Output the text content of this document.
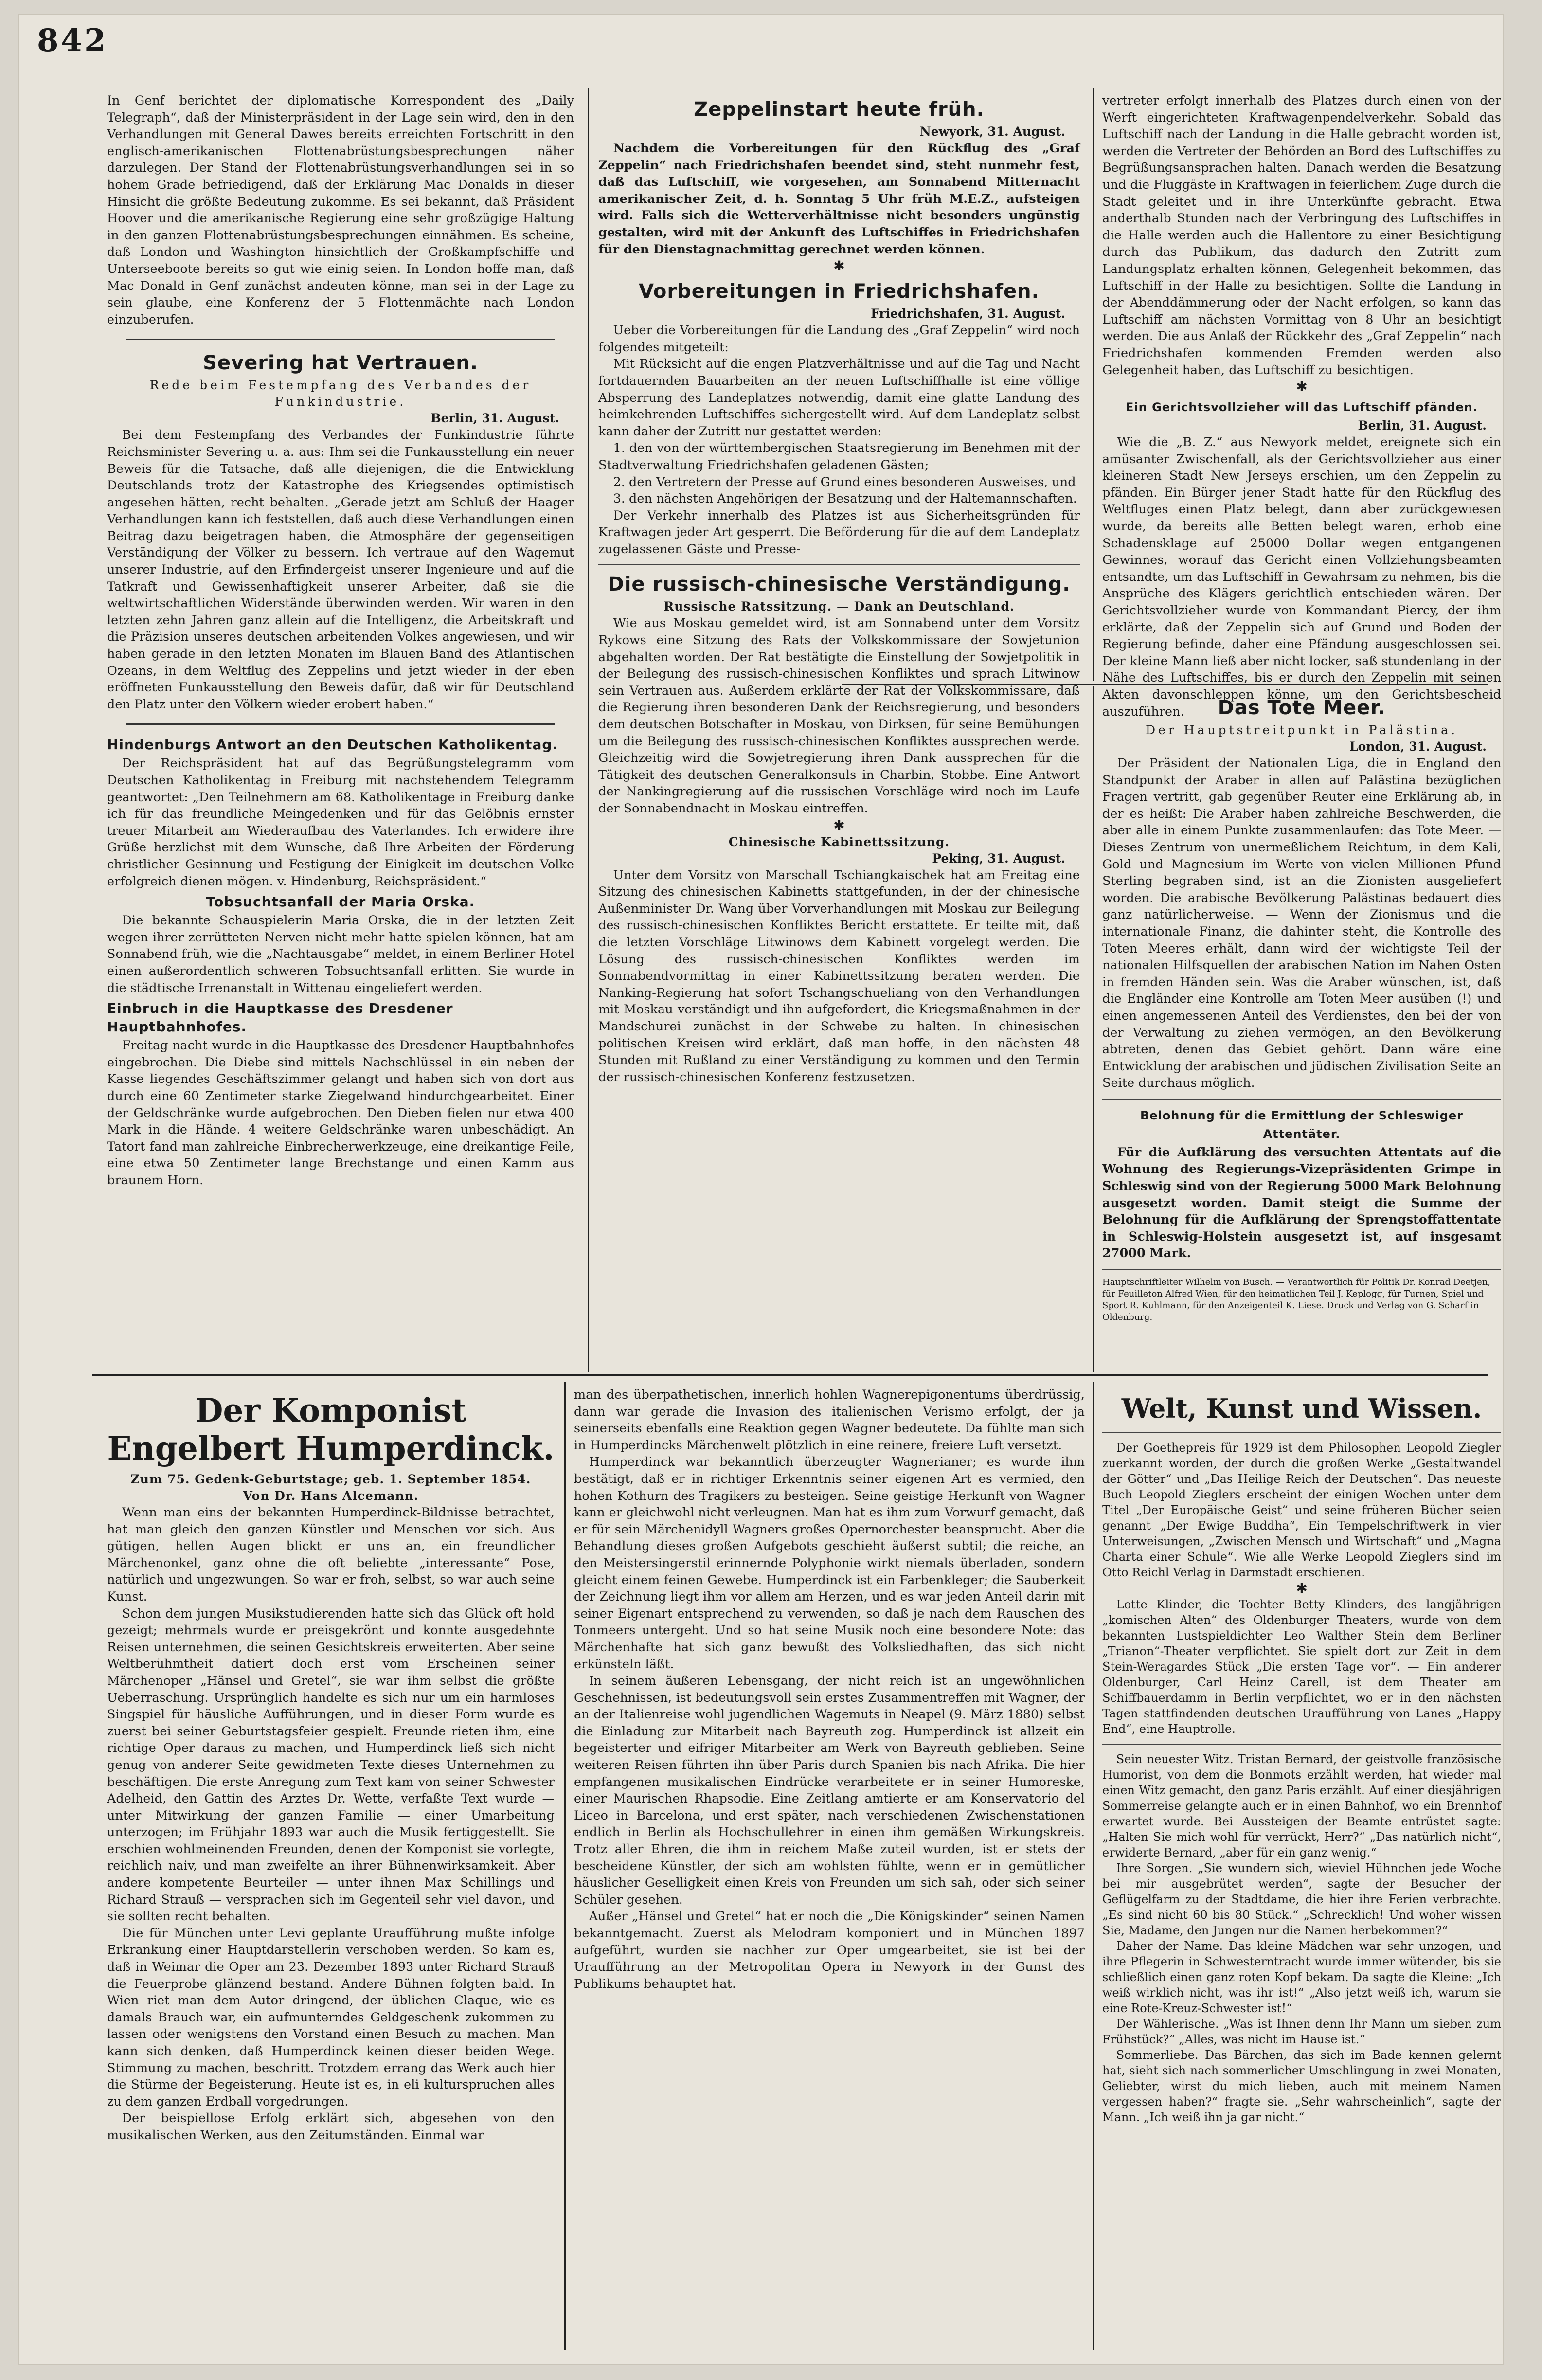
842

In Genf berichtet der diplomatische Korrespondent des „Daily Telegraph“, daß der Ministerpräsident in der Lage sein wird, den in den Verhandlungen mit General Dawes bereits erreichten Fortschritt in den englisch-amerikanischen Flottenabrüstungsbesprechungen näher darzulegen. Der Stand der Flottenabrüstungsverhandlungen sei in so hohem Grade befriedigend, daß der Erklärung Mac Donalds in dieser Hinsicht die größte Bedeutung zukomme. Es sei bekannt, daß Präsident Hoover und die amerikanische Regierung eine sehr großzügige Haltung in den ganzen Flottenabrüstungsbesprechungen einnähmen. Es scheine, daß London und Washington hinsichtlich der Großkampfschiffe und Unterseeboote bereits so gut wie einig seien. In London hoffe man, daß Mac Donald in Genf zunächst andeuten könne, man sei in der Lage zu sein glaube, eine Konferenz der 5 Flottenmächte nach London einzuberufen.

Severing hat Vertrauen.
Rede beim Festempfang des Verbandes der Funkindustrie.
Berlin, 31. August.

Bei dem Festempfang des Verbandes der Funkindustrie führte Reichsminister Severing u. a. aus: Ihm sei die Funkausstellung ein neuer Beweis für die Tatsache, daß alle diejenigen, die die Entwicklung Deutschlands trotz der Katastrophe des Kriegsendes optimistisch angesehen hätten, recht behalten. „Gerade jetzt am Schluß der Haager Verhandlungen kann ich feststellen, daß auch diese Verhandlungen einen Beitrag dazu beigetragen haben, die Atmosphäre der gegenseitigen Verständigung der Völker zu bessern. Ich vertraue auf den Wagemut unserer Industrie, auf den Erfindergeist unserer Ingenieure und auf die Tatkraft und Gewissenhaftigkeit unserer Arbeiter, daß sie die weltwirtschaftlichen Widerstände überwinden werden. Wir waren in den letzten zehn Jahren ganz allein auf die Intelligenz, die Arbeitskraft und die Präzision unseres deutschen arbeitenden Volkes angewiesen, und wir haben gerade in den letzten Monaten im Blauen Band des Atlantischen Ozeans, in dem Weltflug des Zeppelins und jetzt wieder in der eben eröffneten Funkausstellung den Beweis dafür, daß wir für Deutschland den Platz unter den Völkern wieder erobert haben.“

Hindenburgs Antwort an den Deutschen Katholikentag.

Der Reichspräsident hat auf das Begrüßungstelegramm vom Deutschen Katholikentag in Freiburg mit nachstehendem Telegramm geantwortet: „Den Teilnehmern am 68. Katholikentage in Freiburg danke ich für das freundliche Meingedenken und für das Gelöbnis ernster treuer Mitarbeit am Wiederaufbau des Vaterlandes. Ich erwidere ihre Grüße herzlichst mit dem Wunsche, daß Ihre Arbeiten der Förderung christlicher Gesinnung und Festigung der Einigkeit im deutschen Volke erfolgreich dienen mögen. v. Hindenburg, Reichspräsident.“

Tobsuchtsanfall der Maria Orska.

Die bekannte Schauspielerin Maria Orska, die in der letzten Zeit wegen ihrer zerrütteten Nerven nicht mehr hatte spielen können, hat am Sonnabend früh, wie die „Nachtausgabe“ meldet, in einem Berliner Hotel einen außerordentlich schweren Tobsuchtsanfall erlitten. Sie wurde in die städtische Irrenanstalt in Wittenau eingeliefert werden.

Einbruch in die Hauptkasse des Dresdener Hauptbahnhofes.

Freitag nacht wurde in die Hauptkasse des Dresdener Hauptbahnhofes eingebrochen. Die Diebe sind mittels Nachschlüssel in ein neben der Kasse liegendes Geschäftszimmer gelangt und haben sich von dort aus durch eine 60 Zentimeter starke Ziegelwand hindurchgearbeitet. Einer der Geldschränke wurde aufgebrochen. Den Dieben fielen nur etwa 400 Mark in die Hände. 4 weitere Geldschränke waren unbeschädigt. An Tatort fand man zahlreiche Einbrecherwerkzeuge, eine dreikantige Feile, eine etwa 50 Zentimeter lange Brechstange und einen Kamm aus braunem Horn.

Zeppelinstart heute früh.
Newyork, 31. August.

Nachdem die Vorbereitungen für den Rückflug des „Graf Zeppelin“ nach Friedrichshafen beendet sind, steht nunmehr fest, daß das Luftschiff, wie vorgesehen, am Sonnabend Mitternacht amerikanischer Zeit, d. h. Sonntag 5 Uhr früh M.E.Z., aufsteigen wird. Falls sich die Wetterverhältnisse nicht besonders ungünstig gestalten, wird mit der Ankunft des Luftschiffes in Friedrichshafen für den Dienstagnachmittag gerechnet werden können.

✱
Vorbereitungen in Friedrichshafen.
Friedrichshafen, 31. August.

Ueber die Vorbereitungen für die Landung des „Graf Zeppelin“ wird noch folgendes mitgeteilt:

Mit Rücksicht auf die engen Platzverhältnisse und auf die Tag und Nacht fortdauernden Bauarbeiten an der neuen Luftschiffhalle ist eine völlige Absperrung des Landeplatzes notwendig, damit eine glatte Landung des heimkehrenden Luftschiffes sichergestellt wird. Auf dem Landeplatz selbst kann daher der Zutritt nur gestattet werden:

1. den von der württembergischen Staatsregierung im Benehmen mit der Stadtverwaltung Friedrichshafen geladenen Gästen;

2. den Vertretern der Presse auf Grund eines besonderen Ausweises, und

3. den nächsten Angehörigen der Besatzung und der Haltemannschaften.

Der Verkehr innerhalb des Platzes ist aus Sicherheitsgründen für Kraftwagen jeder Art gesperrt. Die Beförderung für die auf dem Landeplatz zugelassenen Gäste und Presse-

Die russisch-chinesische Verständigung.
Russische Ratssitzung. — Dank an Deutschland.

Wie aus Moskau gemeldet wird, ist am Sonnabend unter dem Vorsitz Rykows eine Sitzung des Rats der Volkskommissare der Sowjetunion abgehalten worden. Der Rat bestätigte die Einstellung der Sowjetpolitik in der Beilegung des russisch-chinesischen Konfliktes und sprach Litwinow sein Vertrauen aus. Außerdem erklärte der Rat der Volkskommissare, daß die Regierung ihren besonderen Dank der Reichsregierung, und besonders dem deutschen Botschafter in Moskau, von Dirksen, für seine Bemühungen um die Beilegung des russisch-chinesischen Konfliktes aussprechen werde. Gleichzeitig wird die Sowjetregierung ihren Dank aussprechen für die Tätigkeit des deutschen Generalkonsuls in Charbin, Stobbe. Eine Antwort der Nankingregierung auf die russischen Vorschläge wird noch im Laufe der Sonnabendnacht in Moskau eintreffen.

✱
Chinesische Kabinettssitzung.
Peking, 31. August.

Unter dem Vorsitz von Marschall Tschiangkaischek hat am Freitag eine Sitzung des chinesischen Kabinetts stattgefunden, in der der chinesische Außenminister Dr. Wang über Vorverhandlungen mit Moskau zur Beilegung des russisch-chinesischen Konfliktes Bericht erstattete. Er teilte mit, daß die letzten Vorschläge Litwinows dem Kabinett vorgelegt werden. Die Lösung des russisch-chinesischen Konfliktes werden im Sonnabendvormittag in einer Kabinettssitzung beraten werden. Die Nanking-Regierung hat sofort Tschangschueliang von den Verhandlungen mit Moskau verständigt und ihn aufgefordert, die Kriegsmaßnahmen in der Mandschurei zunächst in der Schwebe zu halten. In chinesischen politischen Kreisen wird erklärt, daß man hoffe, in den nächsten 48 Stunden mit Rußland zu einer Verständigung zu kommen und den Termin der russisch-chinesischen Konferenz festzusetzen.

vertreter erfolgt innerhalb des Platzes durch einen von der Werft eingerichteten Kraftwagenpendelverkehr. Sobald das Luftschiff nach der Landung in die Halle gebracht worden ist, werden die Vertreter der Behörden an Bord des Luftschiffes zu Begrüßungsansprachen halten. Danach werden die Besatzung und die Fluggäste in Kraftwagen in feierlichem Zuge durch die Stadt geleitet und in ihre Unterkünfte gebracht. Etwa anderthalb Stunden nach der Verbringung des Luftschiffes in die Halle werden auch die Hallentore zu einer Besichtigung durch das Publikum, das dadurch den Zutritt zum Landungsplatz erhalten können, Gelegenheit bekommen, das Luftschiff in der Halle zu besichtigen. Sollte die Landung in der Abenddämmerung oder der Nacht erfolgen, so kann das Luftschiff am nächsten Vormittag von 8 Uhr an besichtigt werden. Die aus Anlaß der Rückkehr des „Graf Zeppelin“ nach Friedrichshafen kommenden Fremden werden also Gelegenheit haben, das Luftschiff zu besichtigen.

✱
Ein Gerichtsvollzieher will das Luftschiff pfänden.
Berlin, 31. August.

Wie die „B. Z.“ aus Newyork meldet, ereignete sich ein amüsanter Zwischenfall, als der Gerichtsvollzieher aus einer kleineren Stadt New Jerseys erschien, um den Zeppelin zu pfänden. Ein Bürger jener Stadt hatte für den Rückflug des Weltfluges einen Platz belegt, dann aber zurückgewiesen wurde, da bereits alle Betten belegt waren, erhob eine Schadensklage auf 25000 Dollar wegen entgangenen Gewinnes, worauf das Gericht einen Vollziehungsbeamten entsandte, um das Luftschiff in Gewahrsam zu nehmen, bis die Ansprüche des Klägers gerichtlich entschieden wären. Der Gerichtsvollzieher wurde von Kommandant Piercy, der ihm erklärte, daß der Zeppelin sich auf Grund und Boden der Regierung befinde, daher eine Pfändung ausgeschlossen sei. Der kleine Mann ließ aber nicht locker, saß stundenlang in der Nähe des Luftschiffes, bis er durch den Zeppelin mit seinen Akten davonschleppen könne, um den Gerichtsbescheid auszuführen.	Das Tote Meer.
Der Hauptstreitpunkt in Palästina.
London, 31. August.

Der Präsident der Nationalen Liga, die in England den Standpunkt der Araber in allen auf Palästina bezüglichen Fragen vertritt, gab gegenüber Reuter eine Erklärung ab, in der es heißt: Die Araber haben zahlreiche Beschwerden, die aber alle in einem Punkte zusammenlaufen: das Tote Meer. — Dieses Zentrum von unermeßlichem Reichtum, in dem Kali, Gold und Magnesium im Werte von vielen Millionen Pfund Sterling begraben sind, ist an die Zionisten ausgeliefert worden. Die arabische Bevölkerung Palästinas bedauert dies ganz natürlicherweise. — Wenn der Zionismus und die internationale Finanz, die dahinter steht, die Kontrolle des Toten Meeres erhält, dann wird der wichtigste Teil der nationalen Hilfsquellen der arabischen Nation im Nahen Osten in fremden Händen sein. Was die Araber wünschen, ist, daß die Engländer eine Kontrolle am Toten Meer ausüben (!) und einen angemessenen Anteil des Verdienstes, den bei der von der Verwaltung zu ziehen vermögen, an den Bevölkerung abtreten, denen das Gebiet gehört. Dann wäre eine Entwicklung der arabischen und jüdischen Zivilisation Seite an Seite durchaus möglich.

Belohnung für die Ermittlung der Schleswiger Attentäter.

Für die Aufklärung des versuchten Attentats auf die Wohnung des Regierungs-Vizepräsidenten Grimpe in Schleswig sind von der Regierung 5000 Mark Belohnung ausgesetzt worden. Damit steigt die Summe der Belohnung für die Aufklärung der Sprengstoffattentate in Schleswig-Holstein ausgesetzt ist, auf insgesamt 27000 Mark.

Hauptschriftleiter Wilhelm von Busch. — Verantwortlich für Politik Dr. Konrad Deetjen, für Feuilleton Alfred Wien, für den heimatlichen Teil J. Keplogg, für Turnen, Spiel und Sport R. Kuhlmann, für den Anzeigenteil K. Liese. Druck und Verlag von G. Scharf in Oldenburg.
Der Komponist Engelbert Humperdinck.
Zum 75. Gedenk-Geburtstage; geb. 1. September 1854.
Von Dr. Hans Alcemann.

Wenn man eins der bekannten Humperdinck-Bildnisse betrachtet, hat man gleich den ganzen Künstler und Menschen vor sich. Aus gütigen, hellen Augen blickt er uns an, ein freundlicher Märchenonkel, ganz ohne die oft beliebte „interessante“ Pose, natürlich und ungezwungen. So war er froh, selbst, so war auch seine Kunst.

Schon dem jungen Musikstudierenden hatte sich das Glück oft hold gezeigt; mehrmals wurde er preisgekrönt und konnte ausgedehnte Reisen unternehmen, die seinen Gesichtskreis erweiterten. Aber seine Weltberühmtheit datiert doch erst vom Erscheinen seiner Märchenoper „Hänsel und Gretel“, sie war ihm selbst die größte Ueberraschung. Ursprünglich handelte es sich nur um ein harmloses Singspiel für häusliche Aufführungen, und in dieser Form wurde es zuerst bei seiner Geburtstagsfeier gespielt. Freunde rieten ihm, eine richtige Oper daraus zu machen, und Humperdinck ließ sich nicht genug von anderer Seite gewidmeten Texte dieses Unternehmen zu beschäftigen. Die erste Anregung zum Text kam von seiner Schwester Adelheid, den Gattin des Arztes Dr. Wette, verfaßte Text wurde — unter Mitwirkung der ganzen Familie — einer Umarbeitung unterzogen; im Frühjahr 1893 war auch die Musik fertiggestellt. Sie erschien wohlmeinenden Freunden, denen der Komponist sie vorlegte, reichlich naiv, und man zweifelte an ihrer Bühnenwirksamkeit. Aber andere kompetente Beurteiler — unter ihnen Max Schillings und Richard Strauß — versprachen sich im Gegenteil sehr viel davon, und sie sollten recht behalten.

Die für München unter Levi geplante Uraufführung mußte infolge Erkrankung einer Hauptdarstellerin verschoben werden. So kam es, daß in Weimar die Oper am 23. Dezember 1893 unter Richard Strauß die Feuerprobe glänzend bestand. Andere Bühnen folgten bald. In Wien riet man dem Autor dringend, der üblichen Claque, wie es damals Brauch war, ein aufmunterndes Geldgeschenk zukommen zu lassen oder wenigstens den Vorstand einen Besuch zu machen. Man kann sich denken, daß Humperdinck keinen dieser beiden Wege. Stimmung zu machen, beschritt. Trotzdem errang das Werk auch hier die Stürme der Begeisterung. Heute ist es, in eli kulturspruchen alles zu dem ganzen Erdball vorgedrungen.

Der beispiellose Erfolg erklärt sich, abgesehen von den musikalischen Werken, aus den Zeitumständen. Einmal war

man des überpathetischen, innerlich hohlen Wagnerepigonentums überdrüssig, dann war gerade die Invasion des italienischen Verismo erfolgt, der ja seinerseits ebenfalls eine Reaktion gegen Wagner bedeutete. Da fühlte man sich in Humperdincks Märchenwelt plötzlich in eine reinere, freiere Luft versetzt.

Humperdinck war bekanntlich überzeugter Wagnerianer; es wurde ihm bestätigt, daß er in richtiger Erkenntnis seiner eigenen Art es vermied, den hohen Kothurn des Tragikers zu besteigen. Seine geistige Herkunft von Wagner kann er gleichwohl nicht verleugnen. Man hat es ihm zum Vorwurf gemacht, daß er für sein Märchenidyll Wagners großes Opernorchester beansprucht. Aber die Behandlung dieses großen Aufgebots geschieht äußerst subtil; die reiche, an den Meistersingerstil erinnernde Polyphonie wirkt niemals überladen, sondern gleicht einem feinen Gewebe. Humperdinck ist ein Farbenkleger; die Sauberkeit der Zeichnung liegt ihm vor allem am Herzen, und es war jeden Anteil darin mit seiner Eigenart entsprechend zu verwenden, so daß je nach dem Rauschen des Tonmeers untergeht. Und so hat seine Musik noch eine besondere Note: das Märchenhafte hat sich ganz bewußt des Volksliedhaften, das sich nicht erkünsteln läßt.

In seinem äußeren Lebensgang, der nicht reich ist an ungewöhnlichen Geschehnissen, ist bedeutungsvoll sein erstes Zusammentreffen mit Wagner, der an der Italienreise wohl jugendlichen Wagemuts in Neapel (9. März 1880) selbst die Einladung zur Mitarbeit nach Bayreuth zog. Humperdinck ist allzeit ein begeisterter und eifriger Mitarbeiter am Werk von Bayreuth geblieben. Seine weiteren Reisen führten ihn über Paris durch Spanien bis nach Afrika. Die hier empfangenen musikalischen Eindrücke verarbeitete er in seiner Humoreske, einer Maurischen Rhapsodie. Eine Zeitlang amtierte er am Konservatorio del Liceo in Barcelona, und erst später, nach verschiedenen Zwischenstationen endlich in Berlin als Hochschullehrer in einen ihm gemäßen Wirkungskreis. Trotz aller Ehren, die ihm in reichem Maße zuteil wurden, ist er stets der bescheidene Künstler, der sich am wohlsten fühlte, wenn er in gemütlicher häuslicher Geselligkeit einen Kreis von Freunden um sich sah, oder sich seiner Schüler gesehen.

Außer „Hänsel und Gretel“ hat er noch die „Die Königskinder“ seinen Namen bekanntgemacht. Zuerst als Melodram komponiert und in München 1897 aufgeführt, wurden sie nachher zur Oper umgearbeitet, sie ist bei der Uraufführung an der Metropolitan Opera in Newyork in der Gunst des Publikums behauptet hat.

Welt, Kunst und Wissen.

Der Goethepreis für 1929 ist dem Philosophen Leopold Ziegler zuerkannt worden, der durch die großen Werke „Gestaltwandel der Götter“ und „Das Heilige Reich der Deutschen“. Das neueste Buch Leopold Zieglers erscheint der einigen Wochen unter dem Titel „Der Europäische Geist“ und seine früheren Bücher seien genannt „Der Ewige Buddha“, Ein Tempelschriftwerk in vier Unterweisungen, „Zwischen Mensch und Wirtschaft“ und „Magna Charta einer Schule“. Wie alle Werke Leopold Zieglers sind im Otto Reichl Verlag in Darmstadt erschienen.

✱

Lotte Klinder, die Tochter Betty Klinders, des langjährigen „komischen Alten“ des Oldenburger Theaters, wurde von dem bekannten Lustspieldichter Leo Walther Stein dem Berliner „Trianon“-Theater verpflichtet. Sie spielt dort zur Zeit in dem Stein-Weragardes Stück „Die ersten Tage vor“. — Ein anderer Oldenburger, Carl Heinz Carell, ist dem Theater am Schiffbauerdamm in Berlin verpflichtet, wo er in den nächsten Tagen stattfindenden deutschen Uraufführung von Lanes „Happy End“, eine Hauptrolle.

Sein neuester Witz. Tristan Bernard, der geistvolle französische Humorist, von dem die Bonmots erzählt werden, hat wieder mal einen Witz gemacht, den ganz Paris erzählt. Auf einer diesjährigen Sommerreise gelangte auch er in einen Bahnhof, wo ein Brennhof erwartet wurde. Bei Aussteigen der Beamte entrüstet sagte: „Halten Sie mich wohl für verrückt, Herr?“ „Das natürlich nicht“, erwiderte Bernard, „aber für ein ganz wenig.“

Ihre Sorgen. „Sie wundern sich, wieviel Hühnchen jede Woche bei mir ausgebrütet werden“, sagte der Besucher der Geflügelfarm zu der Stadtdame, die hier ihre Ferien verbrachte. „Es sind nicht 60 bis 80 Stück.“ „Schrecklich! Und woher wissen Sie, Madame, den Jungen nur die Namen herbekommen?“

Daher der Name. Das kleine Mädchen war sehr unzogen, und ihre Pflegerin in Schwesterntracht wurde immer wütender, bis sie schließlich einen ganz roten Kopf bekam. Da sagte die Kleine: „Ich weiß wirklich nicht, was ihr ist!“ „Also jetzt weiß ich, warum sie eine Rote-Kreuz-Schwester ist!“

Der Wählerische. „Was ist Ihnen denn Ihr Mann um sieben zum Frühstück?“ „Alles, was nicht im Hause ist.“

Sommerliebe. Das Bärchen, das sich im Bade kennen gelernt hat, sieht sich nach sommerlicher Umschlingung in zwei Monaten, Geliebter, wirst du mich lieben, auch mit meinem Namen vergessen haben?“ fragte sie. „Sehr wahrscheinlich“, sagte der Mann. „Ich weiß ihn ja gar nicht.“
